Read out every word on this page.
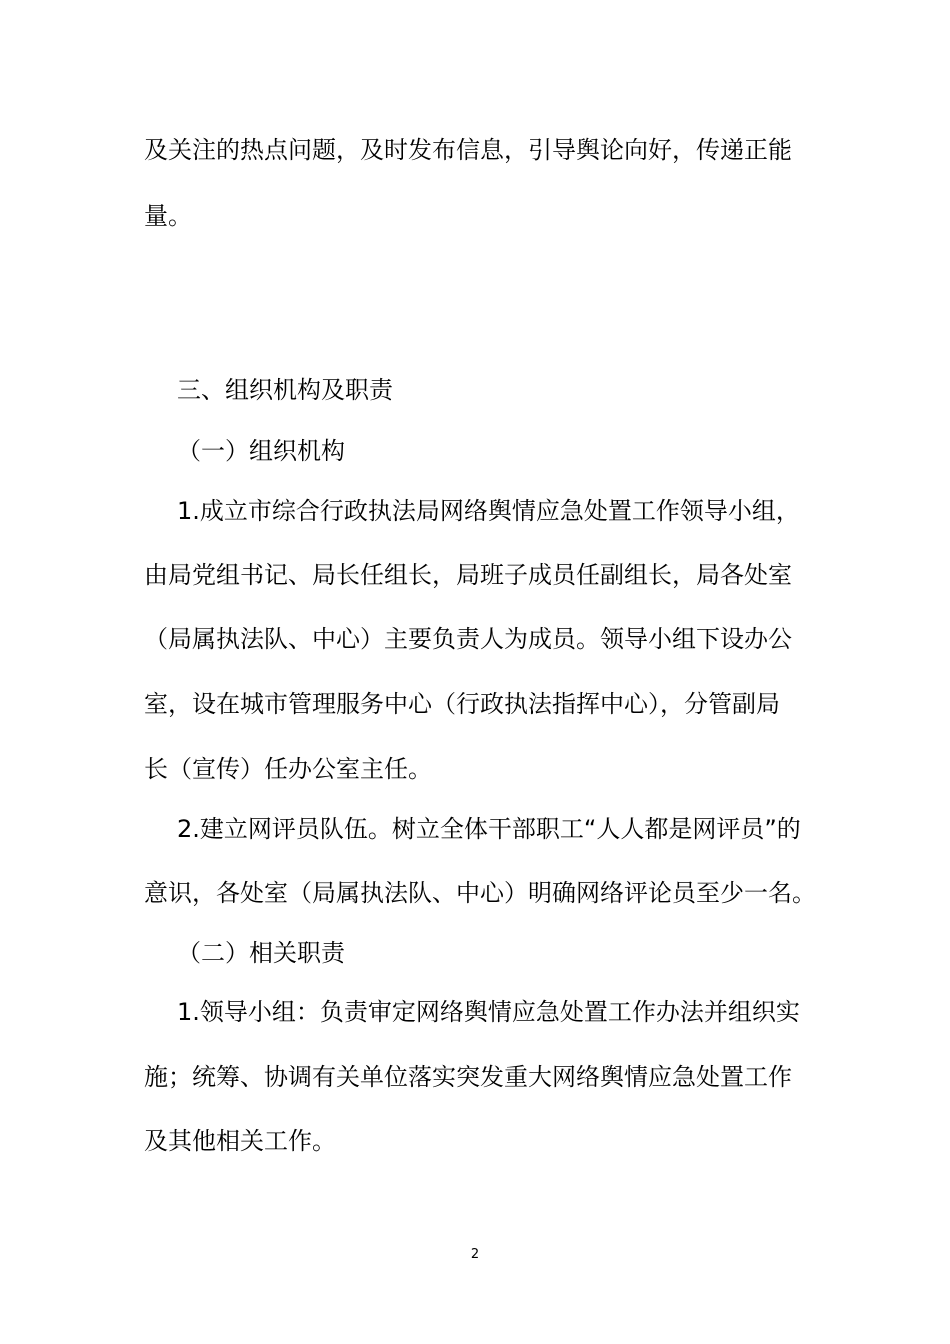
及关注的热点问题，及时发布信息，引导舆论向好，传递正能
量。
三、组织机构及职责
（一）组织机构
1.成立市综合行政执法局网络舆情应急处置工作领导小组，
由局党组书记、局长任组长，局班子成员任副组长，局各处室
（局属执法队、中心）主要负责人为成员。领导小组下设办公
室，设在城市管理服务中心（行政执法指挥中心），分管副局
长（宣传）任办公室主任。
2.建立网评员队伍。树立全体干部职工“人人都是网评员”的
意识，各处室（局属执法队、中心）明确网络评论员至少一名。
（二）相关职责
1.领导小组：负责审定网络舆情应急处置工作办法并组织实
施；统筹、协调有关单位落实突发重大网络舆情应急处置工作
及其他相关工作。
2
